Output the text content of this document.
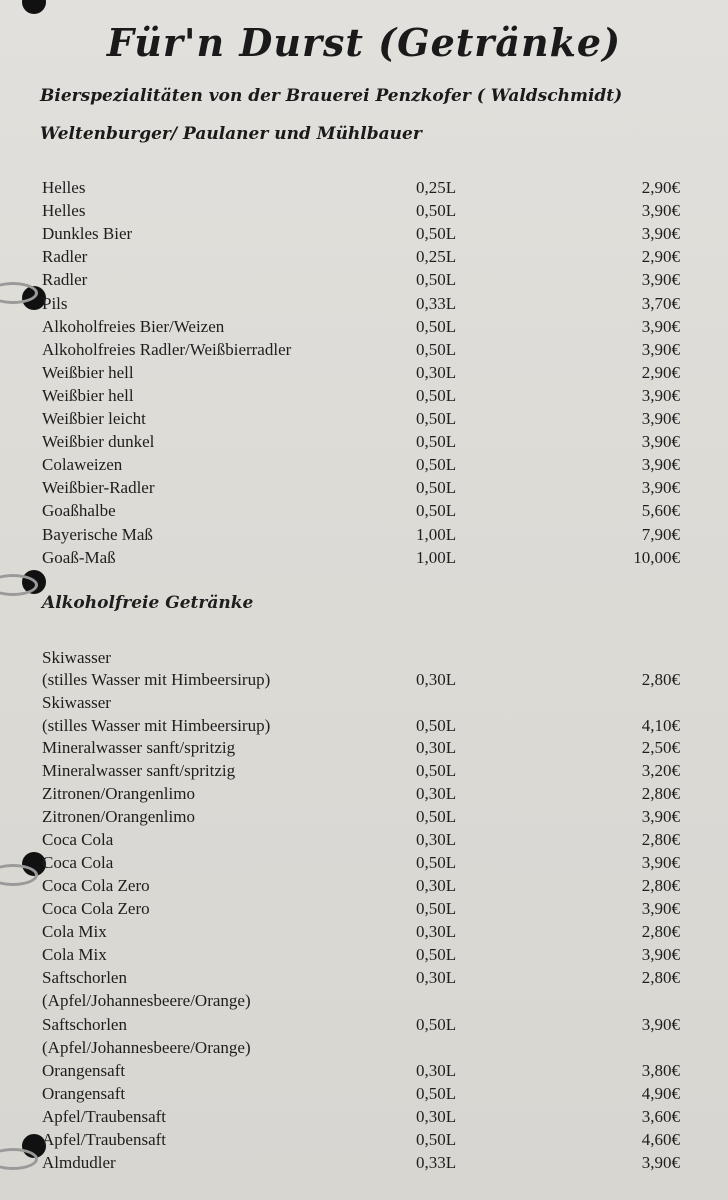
Für'n Durst (Getränke)
Bierspezialitäten von der Brauerei Penzkofer ( Waldschmidt)
Weltenburger/ Paulaner und Mühlbauer
Helles	0,25L	2,90€
Helles	0,50L	3,90€
Dunkles Bier	0,50L	3,90€
Radler	0,25L	2,90€
Radler	0,50L	3,90€
Pils	0,33L	3,70€
Alkoholfreies Bier/Weizen	0,50L	3,90€
Alkoholfreies Radler/Weißbierradler	0,50L	3,90€
Weißbier hell	0,30L	2,90€
Weißbier hell	0,50L	3,90€
Weißbier leicht	0,50L	3,90€
Weißbier dunkel	0,50L	3,90€
Colaweizen	0,50L	3,90€
Weißbier-Radler	0,50L	3,90€
Goaßhalbe	0,50L	5,60€
Bayerische Maß	1,00L	7,90€
Goaß-Maß	1,00L	10,00€
Alkoholfreie Getränke
Skiwasser
(stilles Wasser mit Himbeersirup)	0,30L	2,80€
Skiwasser
(stilles Wasser mit Himbeersirup)	0,50L	4,10€
Mineralwasser sanft/spritzig	0,30L	2,50€
Mineralwasser sanft/spritzig	0,50L	3,20€
Zitronen/Orangenlimo	0,30L	2,80€
Zitronen/Orangenlimo	0,50L	3,90€
Coca Cola	0,30L	2,80€
Coca Cola	0,50L	3,90€
Coca Cola Zero	0,30L	2,80€
Coca Cola Zero	0,50L	3,90€
Cola Mix	0,30L	2,80€
Cola Mix	0,50L	3,90€
Saftschorlen	0,30L	2,80€
(Apfel/Johannesbeere/Orange)
Saftschorlen	0,50L	3,90€
(Apfel/Johannesbeere/Orange)
Orangensaft	0,30L	3,80€
Orangensaft	0,50L	4,90€
Apfel/Traubensaft	0,30L	3,60€
Apfel/Traubensaft	0,50L	4,60€
Almdudler	0,33L	3,90€
